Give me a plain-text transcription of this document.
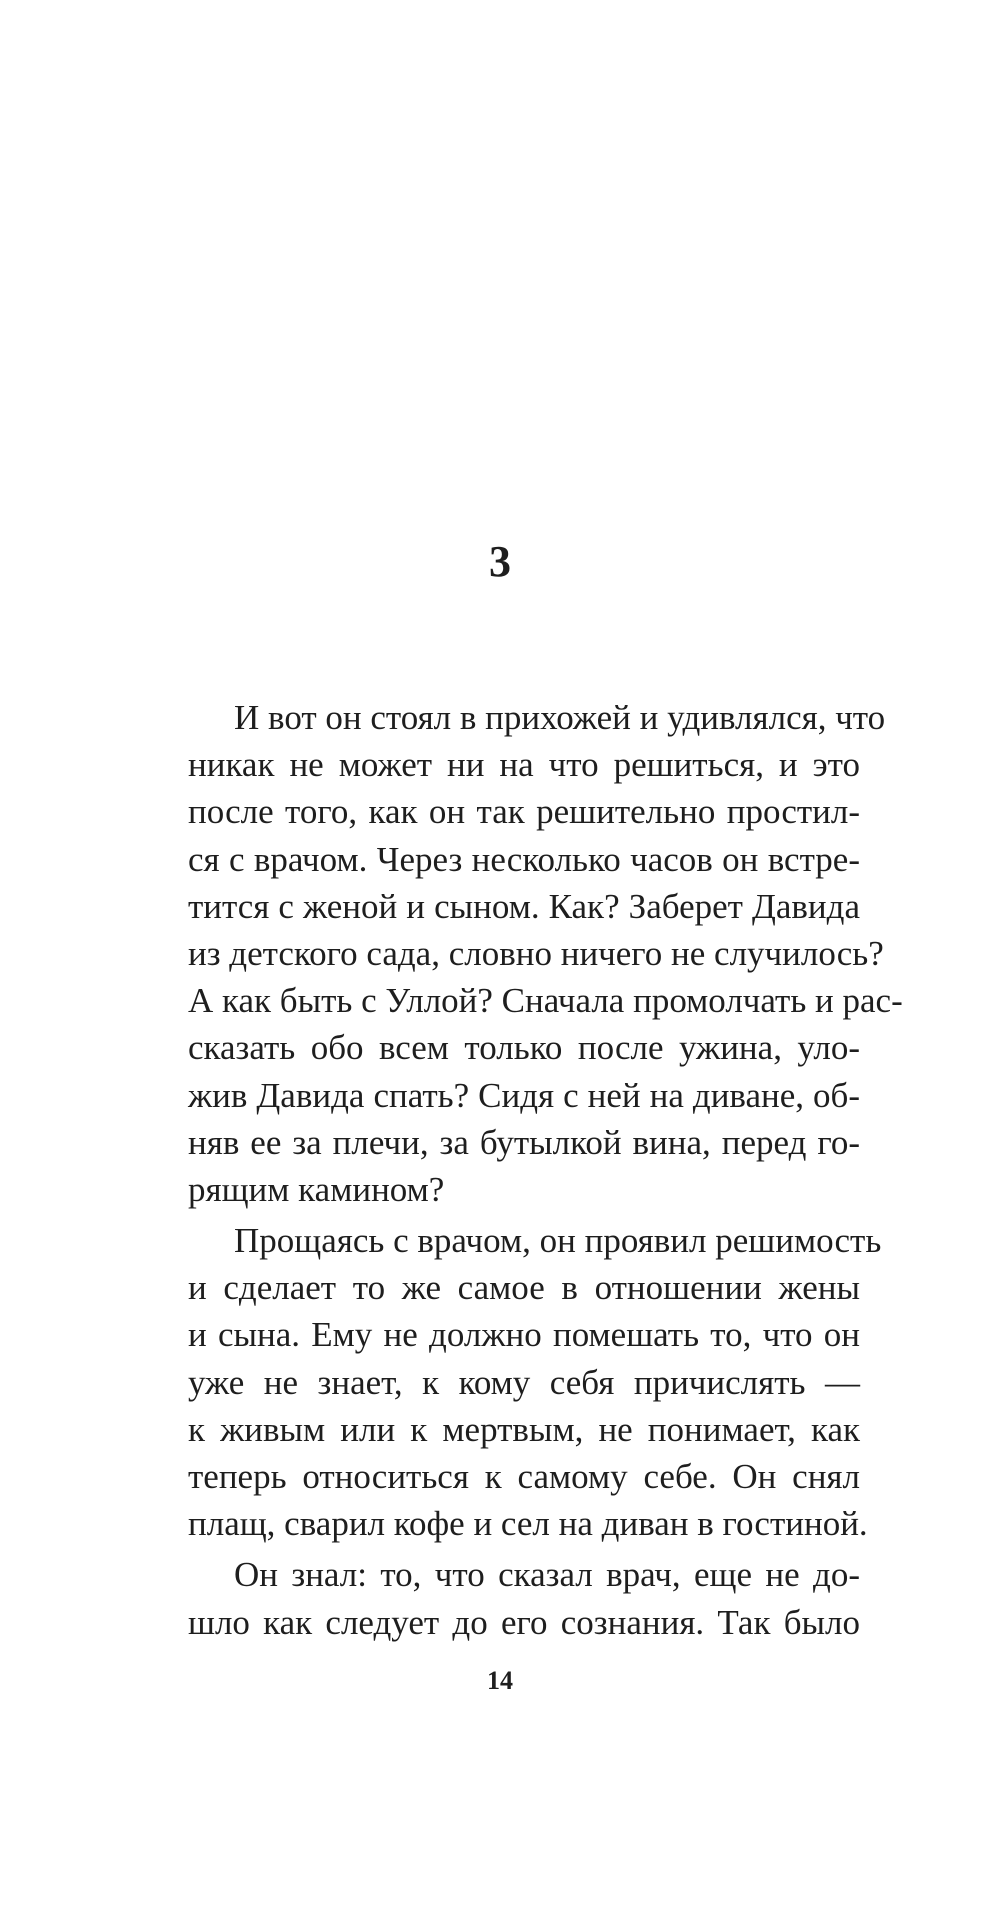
3
И вот он стоял в прихожей и удивлялся, что
никак не может ни на что решиться, и это
после того, как он так решительно простил-
ся с врачом. Через несколько часов он встре-
тится с женой и сыном. Как? Заберет Давида
из детского сада, словно ничего не случилось?
А как быть с Уллой? Сначала промолчать и рас-
сказать обо всем только после ужина, уло-
жив Давида спать? Сидя с ней на диване, об-
няв ее за плечи, за бутылкой вина, перед го-
рящим камином?
Прощаясь с врачом, он проявил решимость
и сделает то же самое в отношении жены
и сына. Ему не должно помешать то, что он
уже не знает, к кому себя причислять —
к живым или к мертвым, не понимает, как
теперь относиться к самому себе. Он снял
плащ, сварил кофе и сел на диван в гостиной.
Он знал: то, что сказал врач, еще не до-
шло как следует до его сознания. Так было
14
